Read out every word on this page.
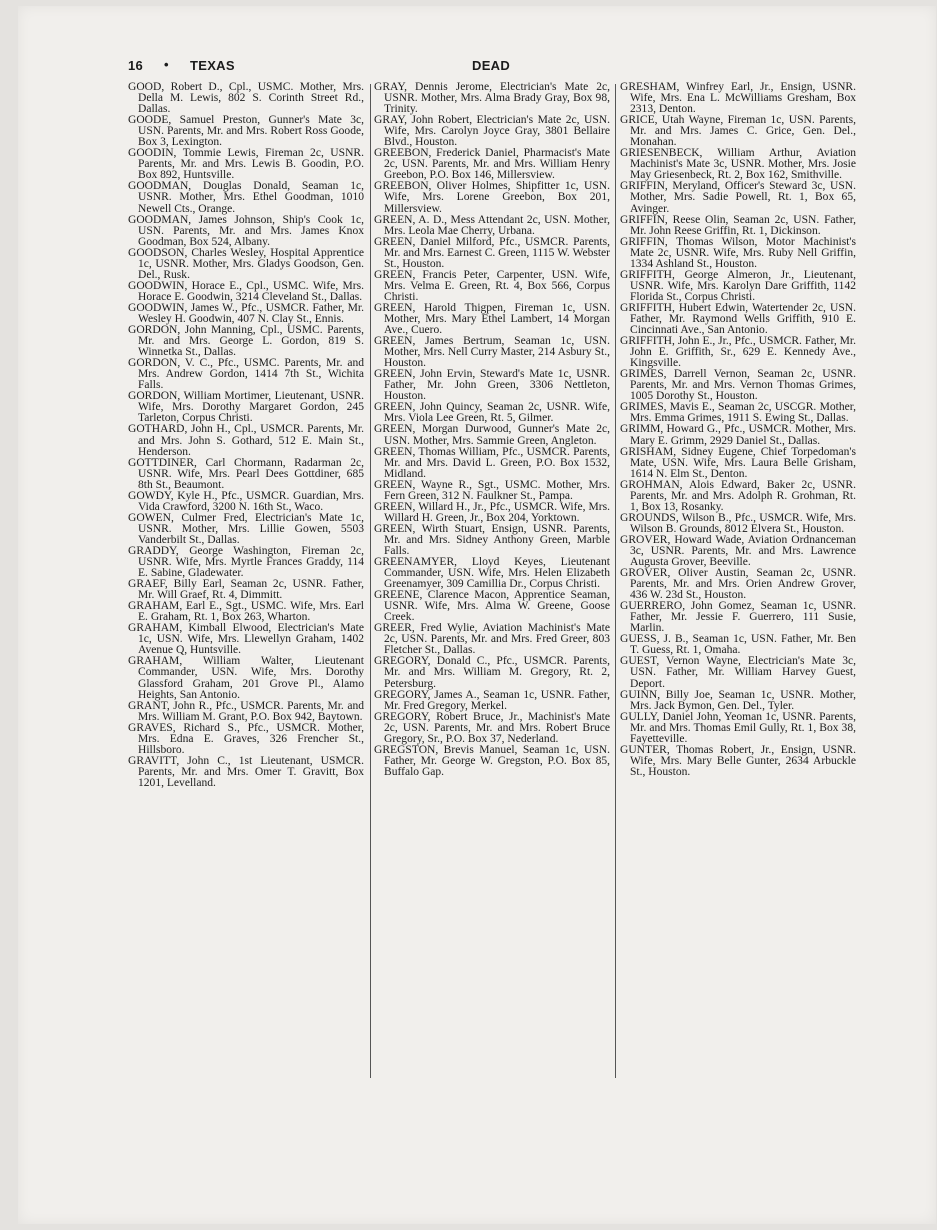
16 • TEXAS	DEAD

GOOD, Robert D., Cpl., USMC. Mother, Mrs. Della M. Lewis, 802 S. Corinth Street Rd., Dallas.

GOODE, Samuel Preston, Gunner's Mate 3c, USN. Parents, Mr. and Mrs. Robert Ross Goode, Box 3, Lexington.

GOODIN, Tommie Lewis, Fireman 2c, USNR. Parents, Mr. and Mrs. Lewis B. Goodin, P.O. Box 892, Huntsville.

GOODMAN, Douglas Donald, Seaman 1c, USNR. Mother, Mrs. Ethel Goodman, 1010 Newell Cts., Orange.

GOODMAN, James Johnson, Ship's Cook 1c, USN. Parents, Mr. and Mrs. James Knox Goodman, Box 524, Albany.

GOODSON, Charles Wesley, Hospital Apprentice 1c, USNR. Mother, Mrs. Gladys Goodson, Gen. Del., Rusk.

GOODWIN, Horace E., Cpl., USMC. Wife, Mrs. Horace E. Goodwin, 3214 Cleveland St., Dallas.

GOODWIN, James W., Pfc., USMCR. Father, Mr. Wesley H. Goodwin, 407 N. Clay St., Ennis.

GORDON, John Manning, Cpl., USMC. Parents, Mr. and Mrs. George L. Gordon, 819 S. Winnetka St., Dallas.

GORDON, V. C., Pfc., USMC. Parents, Mr. and Mrs. Andrew Gordon, 1414 7th St., Wichita Falls.

GORDON, William Mortimer, Lieutenant, USNR. Wife, Mrs. Dorothy Margaret Gordon, 245 Tarleton, Corpus Christi.

GOTHARD, John H., Cpl., USMCR. Parents, Mr. and Mrs. John S. Gothard, 512 E. Main St., Henderson.

GOTTDINER, Carl Chormann, Radarman 2c, USNR. Wife, Mrs. Pearl Dees Gottdiner, 685 8th St., Beaumont.

GOWDY, Kyle H., Pfc., USMCR. Guardian, Mrs. Vida Crawford, 3200 N. 16th St., Waco.

GOWEN, Culmer Fred, Electrician's Mate 1c, USNR. Mother, Mrs. Lillie Gowen, 5503 Vanderbilt St., Dallas.

GRADDY, George Washington, Fireman 2c, USNR. Wife, Mrs. Myrtle Frances Graddy, 114 E. Sabine, Gladewater.

GRAEF, Billy Earl, Seaman 2c, USNR. Father, Mr. Will Graef, Rt. 4, Dimmitt.

GRAHAM, Earl E., Sgt., USMC. Wife, Mrs. Earl E. Graham, Rt. 1, Box 263, Wharton.

GRAHAM, Kimball Elwood, Electrician's Mate 1c, USN. Wife, Mrs. Llewellyn Graham, 1402 Avenue Q, Huntsville.

GRAHAM, William Walter, Lieutenant Commander, USN. Wife, Mrs. Dorothy Glassford Graham, 201 Grove Pl., Alamo Heights, San Antonio.

GRANT, John R., Pfc., USMCR. Parents, Mr. and Mrs. William M. Grant, P.O. Box 942, Baytown.

GRAVES, Richard S., Pfc., USMCR. Mother, Mrs. Edna E. Graves, 326 Frencher St., Hillsboro.

GRAVITT, John C., 1st Lieutenant, USMCR. Parents, Mr. and Mrs. Omer T. Gravitt, Box 1201, Levelland.

GRAY, Dennis Jerome, Electrician's Mate 2c, USNR. Mother, Mrs. Alma Brady Gray, Box 98, Trinity.

GRAY, John Robert, Electrician's Mate 2c, USN. Wife, Mrs. Carolyn Joyce Gray, 3801 Bellaire Blvd., Houston.

GREEBON, Frederick Daniel, Pharmacist's Mate 2c, USN. Parents, Mr. and Mrs. William Henry Greebon, P.O. Box 146, Millersview.

GREEBON, Oliver Holmes, Shipfitter 1c, USN. Wife, Mrs. Lorene Greebon, Box 201, Millersview.

GREEN, A. D., Mess Attendant 2c, USN. Mother, Mrs. Leola Mae Cherry, Urbana.

GREEN, Daniel Milford, Pfc., USMCR. Parents, Mr. and Mrs. Earnest C. Green, 1115 W. Webster St., Houston.

GREEN, Francis Peter, Carpenter, USN. Wife, Mrs. Velma E. Green, Rt. 4, Box 566, Corpus Christi.

GREEN, Harold Thigpen, Fireman 1c, USN. Mother, Mrs. Mary Ethel Lambert, 14 Morgan Ave., Cuero.

GREEN, James Bertrum, Seaman 1c, USN. Mother, Mrs. Nell Curry Master, 214 Asbury St., Houston.

GREEN, John Ervin, Steward's Mate 1c, USNR. Father, Mr. John Green, 3306 Nettleton, Houston.

GREEN, John Quincy, Seaman 2c, USNR. Wife, Mrs. Viola Lee Green, Rt. 5, Gilmer.

GREEN, Morgan Durwood, Gunner's Mate 2c, USN. Mother, Mrs. Sammie Green, Angleton.

GREEN, Thomas William, Pfc., USMCR. Parents, Mr. and Mrs. David L. Green, P.O. Box 1532, Midland.

GREEN, Wayne R., Sgt., USMC. Mother, Mrs. Fern Green, 312 N. Faulkner St., Pampa.

GREEN, Willard H., Jr., Pfc., USMCR. Wife, Mrs. Willard H. Green, Jr., Box 204, Yorktown.

GREEN, Wirth Stuart, Ensign, USNR. Parents, Mr. and Mrs. Sidney Anthony Green, Marble Falls.

GREENAMYER, Lloyd Keyes, Lieutenant Commander, USN. Wife, Mrs. Helen Elizabeth Greenamyer, 309 Camillia Dr., Corpus Christi.

GREENE, Clarence Macon, Apprentice Seaman, USNR. Wife, Mrs. Alma W. Greene, Goose Creek.

GREER, Fred Wylie, Aviation Machinist's Mate 2c, USN. Parents, Mr. and Mrs. Fred Greer, 803 Fletcher St., Dallas.

GREGORY, Donald C., Pfc., USMCR. Parents, Mr. and Mrs. William M. Gregory, Rt. 2, Petersburg.

GREGORY, James A., Seaman 1c, USNR. Father, Mr. Fred Gregory, Merkel.

GREGORY, Robert Bruce, Jr., Machinist's Mate 2c, USN. Parents, Mr. and Mrs. Robert Bruce Gregory, Sr., P.O. Box 37, Nederland.

GREGSTON, Brevis Manuel, Seaman 1c, USN. Father, Mr. George W. Gregston, P.O. Box 85, Buffalo Gap.

GRESHAM, Winfrey Earl, Jr., Ensign, USNR. Wife, Mrs. Ena L. McWilliams Gresham, Box 2313, Denton.

GRICE, Utah Wayne, Fireman 1c, USN. Parents, Mr. and Mrs. James C. Grice, Gen. Del., Monahan.

GRIESENBECK, William Arthur, Aviation Machinist's Mate 3c, USNR. Mother, Mrs. Josie May Griesenbeck, Rt. 2, Box 162, Smithville.

GRIFFIN, Meryland, Officer's Steward 3c, USN. Mother, Mrs. Sadie Powell, Rt. 1, Box 65, Avinger.

GRIFFIN, Reese Olin, Seaman 2c, USN. Father, Mr. John Reese Griffin, Rt. 1, Dickinson.

GRIFFIN, Thomas Wilson, Motor Machinist's Mate 2c, USNR. Wife, Mrs. Ruby Nell Griffin, 1334 Ashland St., Houston.

GRIFFITH, George Almeron, Jr., Lieutenant, USNR. Wife, Mrs. Karolyn Dare Griffith, 1142 Florida St., Corpus Christi.

GRIFFITH, Hubert Edwin, Watertender 2c, USN. Father, Mr. Raymond Wells Griffith, 910 E. Cincinnati Ave., San Antonio.

GRIFFITH, John E., Jr., Pfc., USMCR. Father, Mr. John E. Griffith, Sr., 629 E. Kennedy Ave., Kingsville.

GRIMES, Darrell Vernon, Seaman 2c, USNR. Parents, Mr. and Mrs. Vernon Thomas Grimes, 1005 Dorothy St., Houston.

GRIMES, Mavis E., Seaman 2c, USCGR. Mother, Mrs. Emma Grimes, 1911 S. Ewing St., Dallas.

GRIMM, Howard G., Pfc., USMCR. Mother, Mrs. Mary E. Grimm, 2929 Daniel St., Dallas.

GRISHAM, Sidney Eugene, Chief Torpedoman's Mate, USN. Wife, Mrs. Laura Belle Grisham, 1614 N. Elm St., Denton.

GROHMAN, Alois Edward, Baker 2c, USNR. Parents, Mr. and Mrs. Adolph R. Grohman, Rt. 1, Box 13, Rosanky.

GROUNDS, Wilson B., Pfc., USMCR. Wife, Mrs. Wilson B. Grounds, 8012 Elvera St., Houston.

GROVER, Howard Wade, Aviation Ordnanceman 3c, USNR. Parents, Mr. and Mrs. Lawrence Augusta Grover, Beeville.

GROVER, Oliver Austin, Seaman 2c, USNR. Parents, Mr. and Mrs. Orien Andrew Grover, 436 W. 23d St., Houston.

GUERRERO, John Gomez, Seaman 1c, USNR. Father, Mr. Jessie F. Guerrero, 111 Susie, Marlin.

GUESS, J. B., Seaman 1c, USN. Father, Mr. Ben T. Guess, Rt. 1, Omaha.

GUEST, Vernon Wayne, Electrician's Mate 3c, USN. Father, Mr. William Harvey Guest, Deport.

GUINN, Billy Joe, Seaman 1c, USNR. Mother, Mrs. Jack Bymon, Gen. Del., Tyler.

GULLY, Daniel John, Yeoman 1c, USNR. Parents, Mr. and Mrs. Thomas Emil Gully, Rt. 1, Box 38, Fayetteville.

GUNTER, Thomas Robert, Jr., Ensign, USNR. Wife, Mrs. Mary Belle Gunter, 2634 Arbuckle St., Houston.
